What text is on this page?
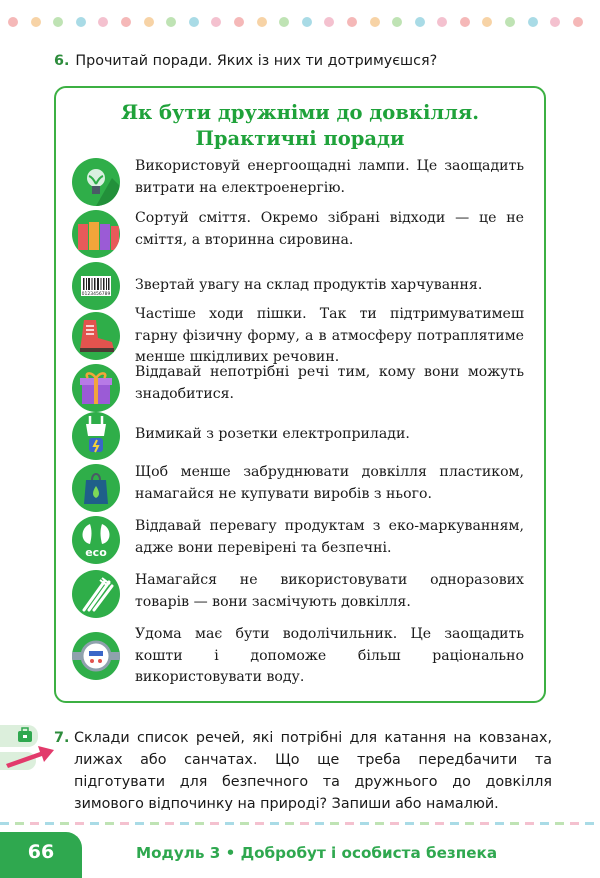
6. Прочитай поради. Яких із них ти дотримуєшся?
Як бути дружніми до довкілля.
Практичні поради
Використовуй енергоощадні лампи. Це заощадить витрати на електроенергію.
Сортуй сміття. Окремо зібрані відходи — це не сміття, а вторинна сировина.
0123456789
Звертай увагу на склад продуктів харчування.
Частіше ходи пішки. Так ти підтримуватимеш гарну фізичну форму, а в атмосферу потраплятиме менше шкідливих речовин.
Віддавай непотрібні речі тим, кому вони можуть знадобитися.
Вимикай з розетки електроприлади.
Щоб менше забруднювати довкілля пластиком, намагайся не купувати виробів з нього.
eco
Віддавай перевагу продуктам з еко-маркуванням, адже вони перевірені та безпечні.
Намагайся не використовувати одноразових товарів — вони засмічують довкілля.
Удома має бути водолічильник. Це заощадить кошти і допоможе більш раціонально використовувати воду.
7. Склади список речей, які потрібні для катання на ковзанах, лижах або санчатах. Що ще треба передбачити та підготувати для безпечного та дружнього до довкілля зимового відпочинку на природі? Запиши або намалюй.
66	Модуль 3 • Добробут і особиста безпека
